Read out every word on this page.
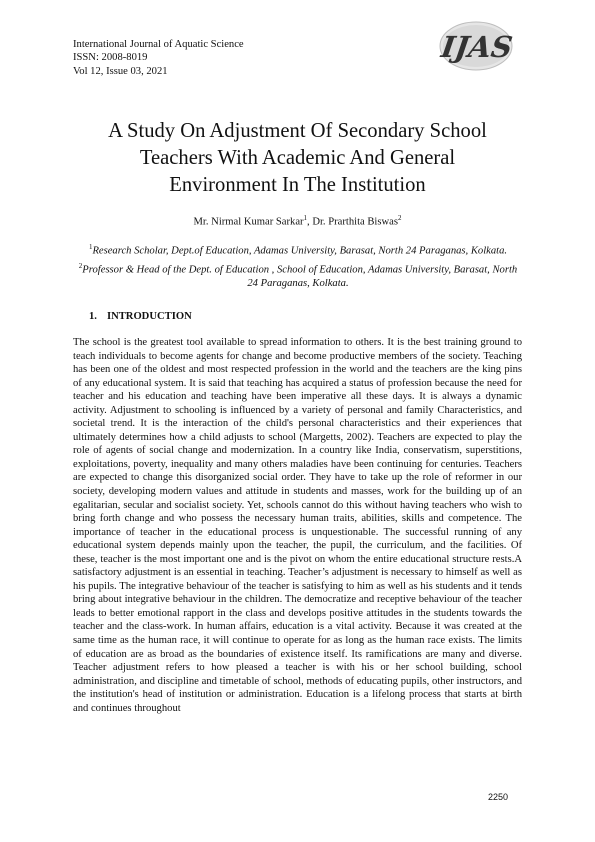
International Journal of Aquatic Science
ISSN: 2008-8019
Vol 12, Issue 03, 2021
IJAS
A Study On Adjustment Of Secondary School
Teachers With Academic And General
Environment In The Institution
Mr. Nirmal Kumar Sarkar$^1$, Dr. Prarthita Biswas$^2$

$^1$Research Scholar, Dept.of Education, Adamas University, Barasat, North 24 Paraganas, Kolkata.

$^2$Professor & Head of the Dept. of Education , School of Education, Adamas University, Barasat, North 24 Paraganas, Kolkata.

1. INTRODUCTION

The school is the greatest tool available to spread information to others. It is the best training ground to teach individuals to become agents for change and become productive members of the society. Teaching has been one of the oldest and most respected profession in the world and the teachers are the king pins of any educational system. It is said that teaching has acquired a status of profession because the need for teacher and his education and teaching have been imperative all these days. It is always a dynamic activity. Adjustment to schooling is influenced by a variety of personal and family Characteristics, and societal trend. It is the interaction of the child's personal characteristics and their experiences that ultimately determines how a child adjusts to school (Margetts, 2002). Teachers are expected to play the role of agents of social change and modernization. In a country like India, conservatism, superstitions, exploitations, poverty, inequality and many others maladies have been continuing for centuries. Teachers are expected to change this disorganized social order. They have to take up the role of reformer in our society, developing modern values and attitude in students and masses, work for the building up of an egalitarian, secular and socialist society. Yet, schools cannot do this without having teachers who wish to bring forth change and who possess the necessary human traits, abilities, skills and competence. The importance of teacher in the educational process is unquestionable. The successful running of any educational system depends mainly upon the teacher, the pupil, the curriculum, and the facilities. Of these, teacher is the most important one and is the pivot on whom the entire educational structure rests.A satisfactory adjustment is an essential in teaching. Teacher’s adjustment is necessary to himself as well as his pupils. The integrative behaviour of the teacher is satisfying to him as well as his students and it tends bring about integrative behaviour in the children. The democratize and receptive behaviour of the teacher leads to better emotional rapport in the class and develops positive attitudes in the students towards the teacher and the class-work. In human affairs, education is a vital activity. Because it was created at the same time as the human race, it will continue to operate for as long as the human race exists. The limits of education are as broad as the boundaries of existence itself. Its ramifications are many and diverse. Teacher adjustment refers to how pleased a teacher is with his or her school building, school administration, and discipline and timetable of school, methods of educating pupils, other instructors, and the institution's head of institution or administration. Education is a lifelong process that starts at birth and continues throughout

2250
